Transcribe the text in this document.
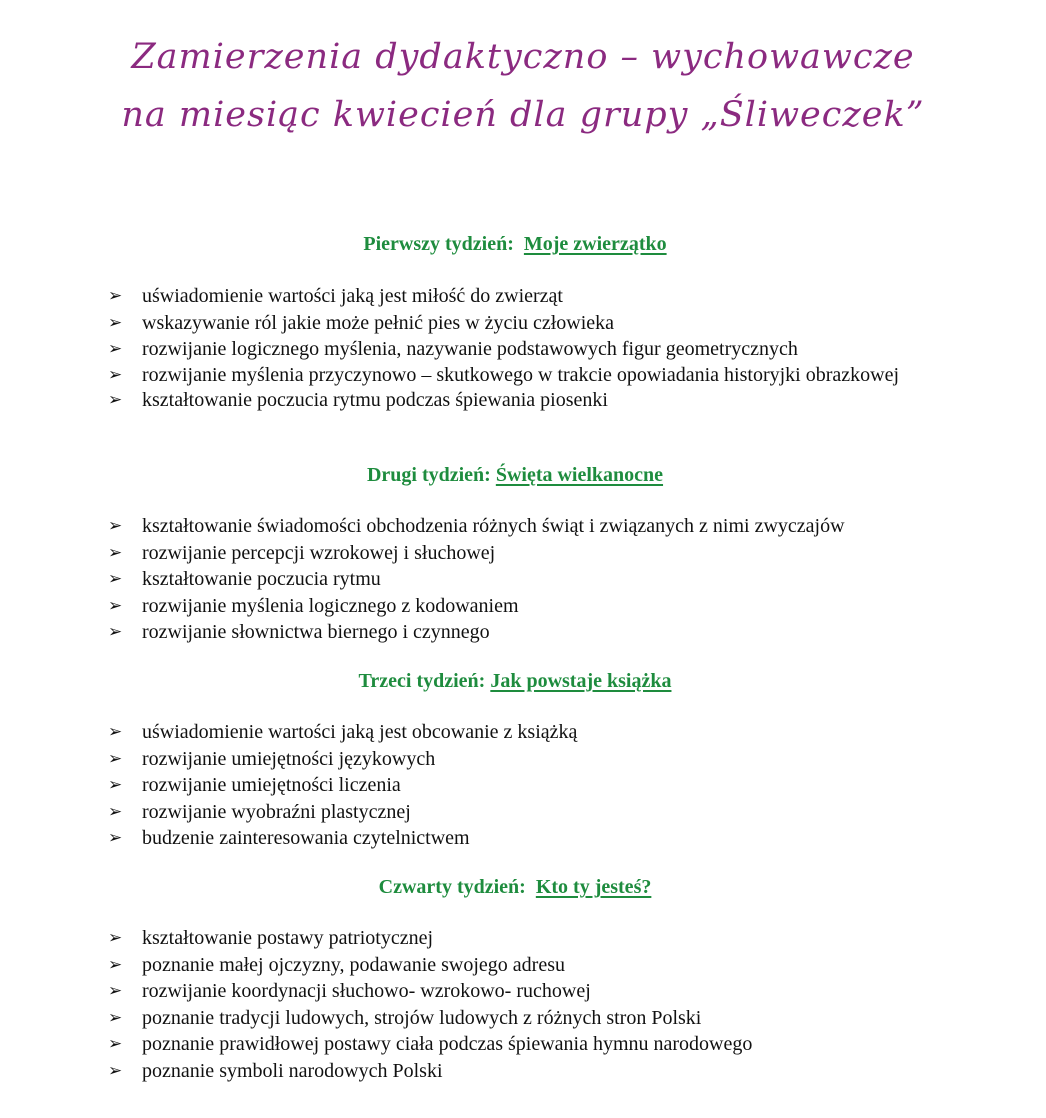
Zamierzenia dydaktyczno – wychowawcze
na miesiąc kwiecień dla grupy „Śliweczek”
Pierwszy tydzień: Moje zwierzątko
➢ uświadomienie wartości jaką jest miłość do zwierząt
➢ wskazywanie ról jakie może pełnić pies w życiu człowieka
➢ rozwijanie logicznego myślenia, nazywanie podstawowych figur geometrycznych
➢ rozwijanie myślenia przyczynowo – skutkowego w trakcie opowiadania historyjki obrazkowej
➢ kształtowanie poczucia rytmu podczas śpiewania piosenki
Drugi tydzień: Święta wielkanocne
➢ kształtowanie świadomości obchodzenia różnych świąt i związanych z nimi zwyczajów
➢ rozwijanie percepcji wzrokowej i słuchowej
➢ kształtowanie poczucia rytmu
➢ rozwijanie myślenia logicznego z kodowaniem
➢ rozwijanie słownictwa biernego i czynnego
Trzeci tydzień: Jak powstaje książka
➢ uświadomienie wartości jaką jest obcowanie z książką
➢ rozwijanie umiejętności językowych
➢ rozwijanie umiejętności liczenia
➢ rozwijanie wyobraźni plastycznej
➢ budzenie zainteresowania czytelnictwem
Czwarty tydzień: Kto ty jesteś?
➢ kształtowanie postawy patriotycznej
➢ poznanie małej ojczyzny, podawanie swojego adresu
➢ rozwijanie koordynacji słuchowo- wzrokowo- ruchowej
➢ poznanie tradycji ludowych, strojów ludowych z różnych stron Polski
➢ poznanie prawidłowej postawy ciała podczas śpiewania hymnu narodowego
➢ poznanie symboli narodowych Polski
